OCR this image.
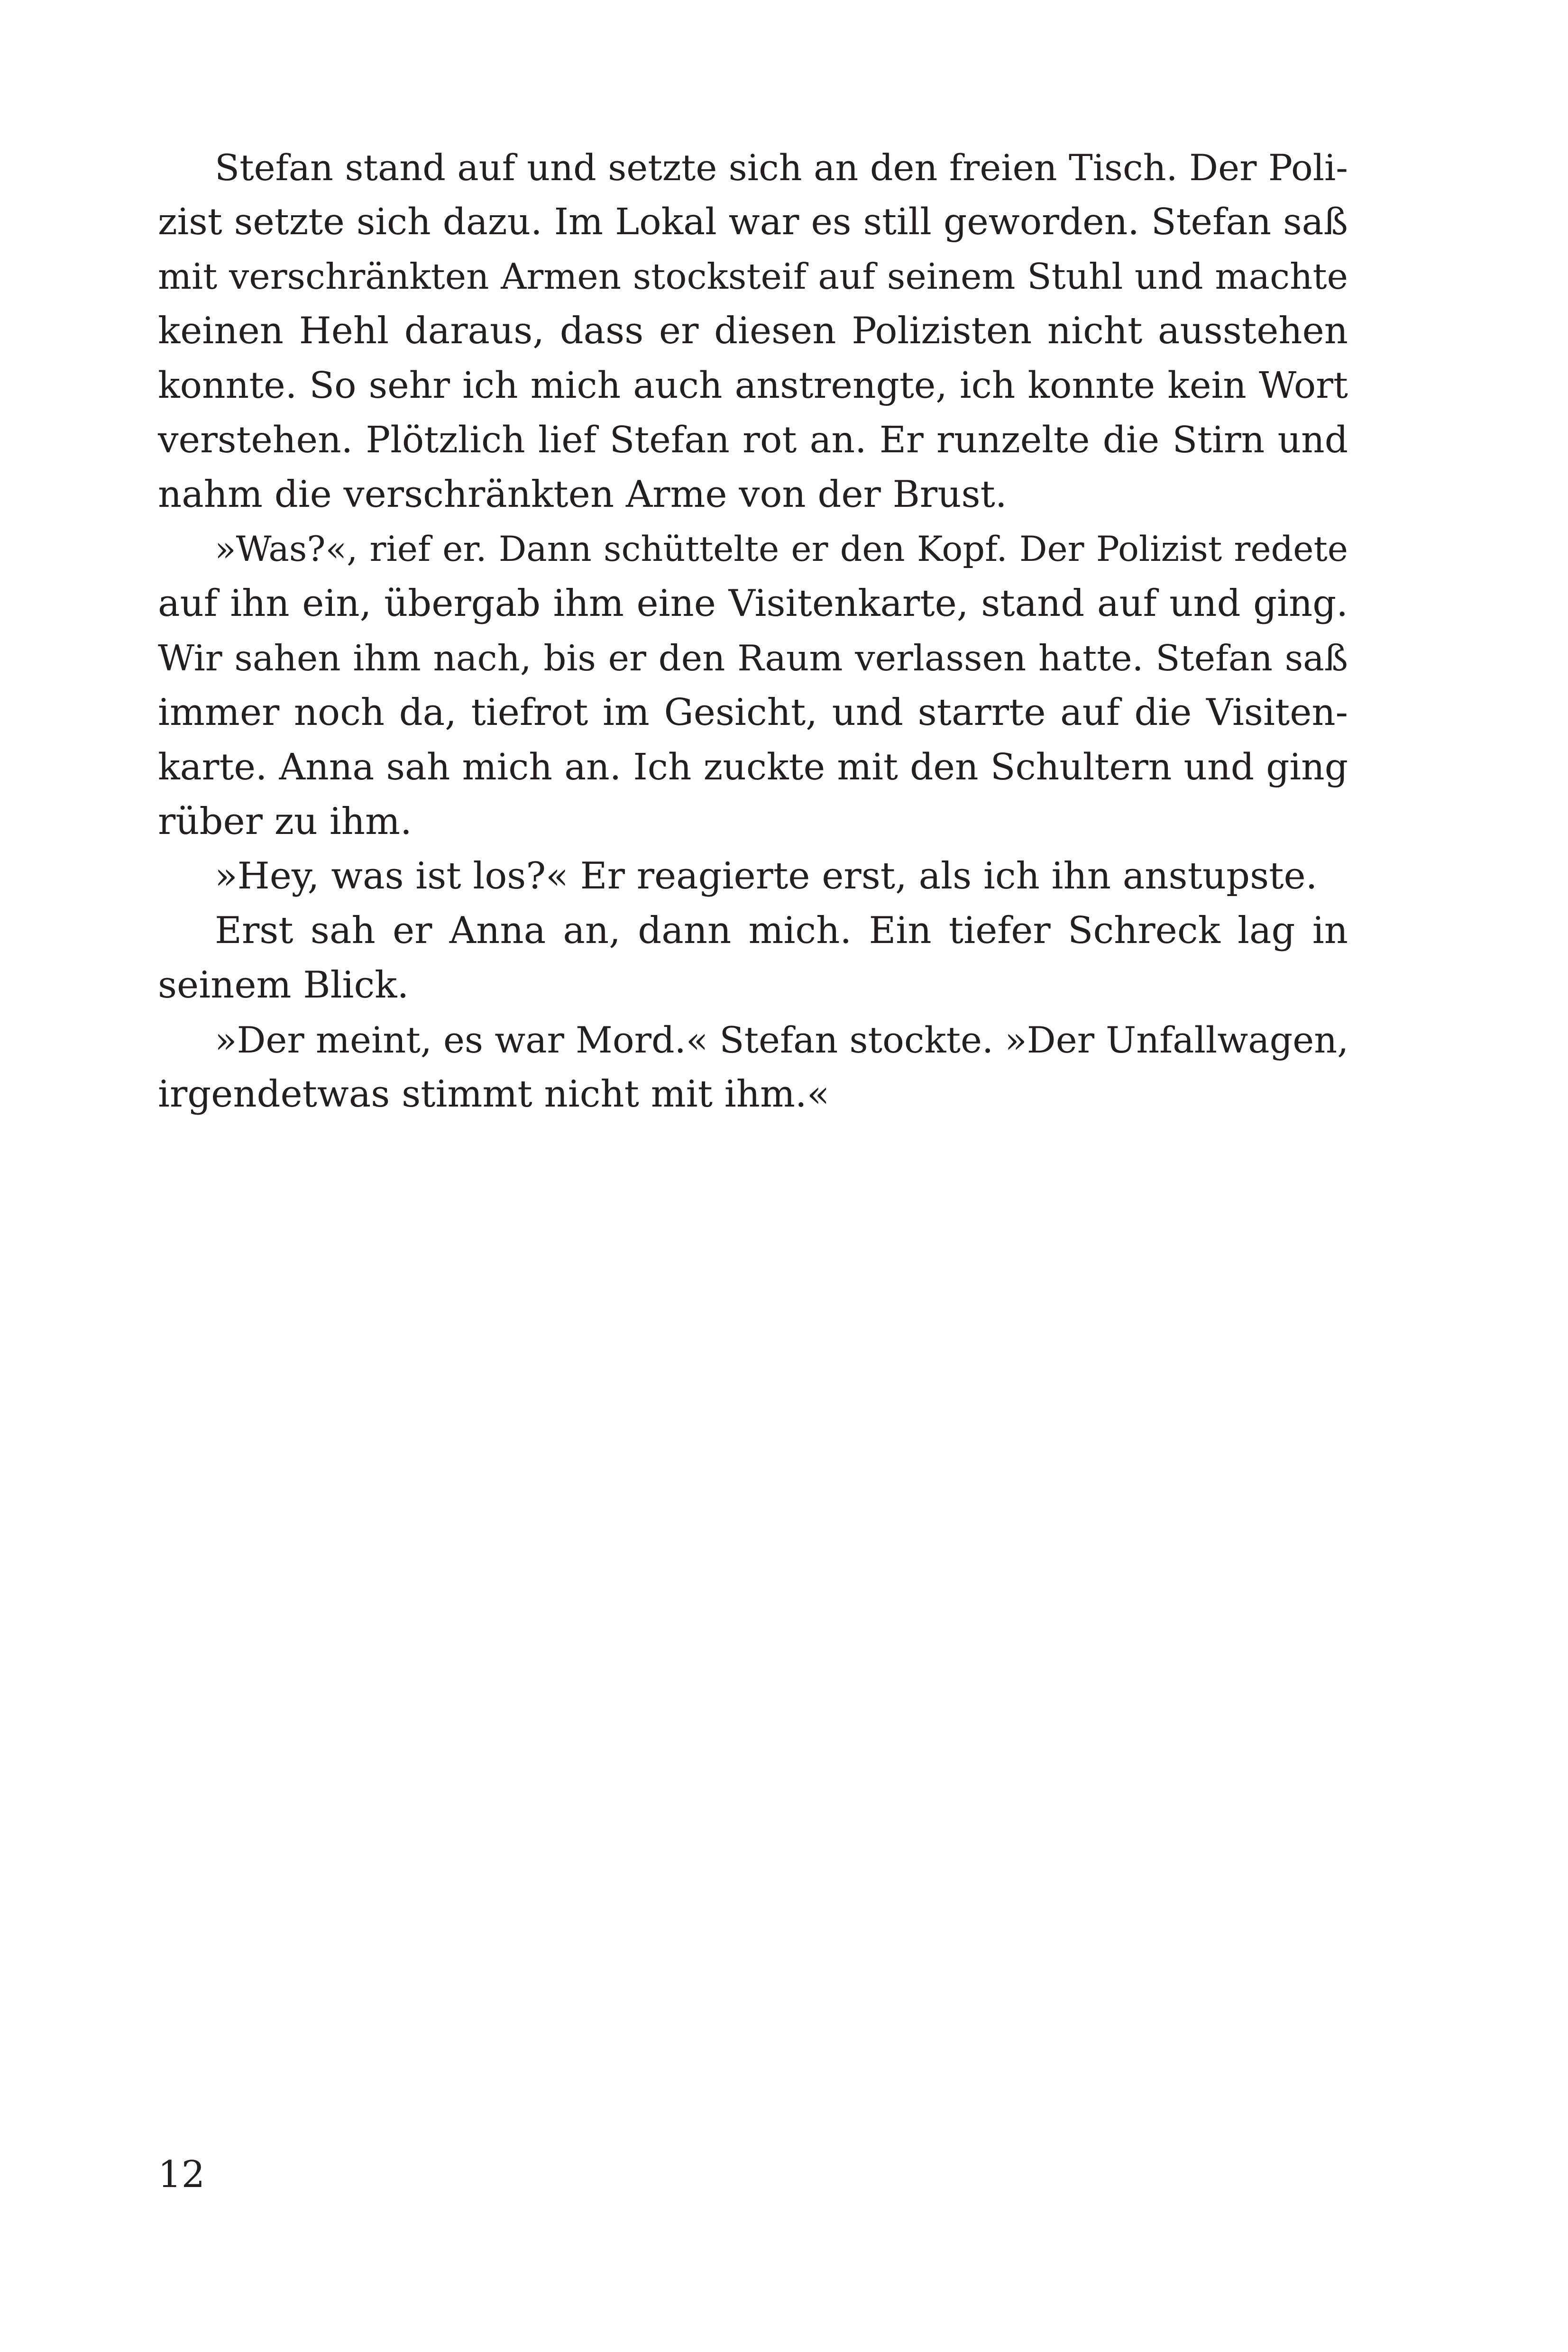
Stefan stand auf und setzte sich an den freien Tisch. Der Poli-
zist setzte sich dazu. Im Lokal war es still geworden. Stefan saß
mit verschränkten Armen stocksteif auf seinem Stuhl und machte
keinen Hehl daraus, dass er diesen Polizisten nicht ausstehen
konnte. So sehr ich mich auch anstrengte, ich konnte kein Wort
verstehen. Plötzlich lief Stefan rot an. Er runzelte die Stirn und
nahm die verschränkten Arme von der Brust.
»Was?«, rief er. Dann schüttelte er den Kopf. Der Polizist redete
auf ihn ein, übergab ihm eine Visitenkarte, stand auf und ging.
Wir sahen ihm nach, bis er den Raum verlassen hatte. Stefan saß
immer noch da, tiefrot im Gesicht, und starrte auf die Visiten-
karte. Anna sah mich an. Ich zuckte mit den Schultern und ging
rüber zu ihm.
»Hey, was ist los?« Er reagierte erst, als ich ihn anstupste.
Erst sah er Anna an, dann mich. Ein tiefer Schreck lag in
seinem Blick.
»Der meint, es war Mord.« Stefan stockte. »Der Unfallwagen,
irgendetwas stimmt nicht mit ihm.«
12
